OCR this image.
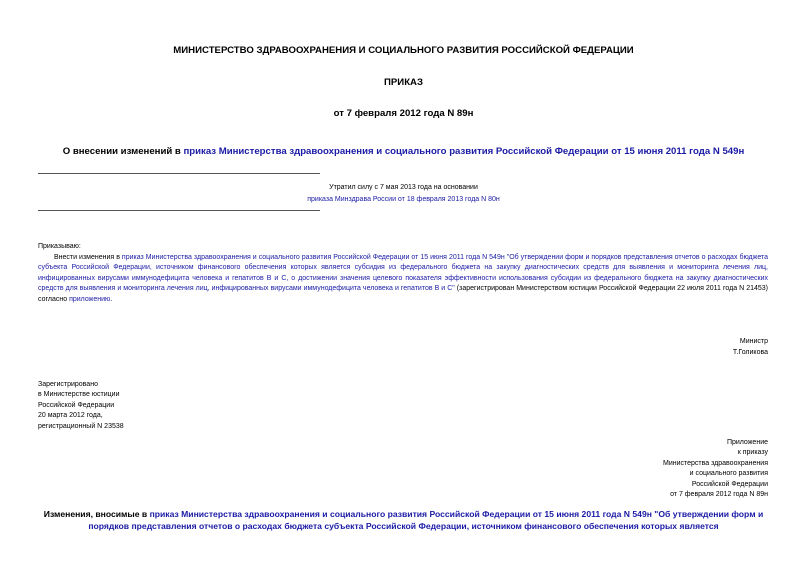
МИНИСТЕРСТВО ЗДРАВООХРАНЕНИЯ И СОЦИАЛЬНОГО РАЗВИТИЯ РОССИЙСКОЙ ФЕДЕРАЦИИ
ПРИКАЗ
от 7 февраля 2012 года N 89н
О внесении изменений в приказ Министерства здравоохранения и социального развития Российской Федерации от 15 июня 2011 года N 549н
Утратил силу с 7 мая 2013 года на основании
приказа Минздрава России от 18 февраля 2013 года N 80н
Приказываю:
Внести изменения в приказ Министерства здравоохранения и социального развития Российской Федерации от 15 июня 2011 года N 549н "Об утверждении форм и порядков представления отчетов о расходах бюджета субъекта Российской Федерации, источником финансового обеспечения которых является субсидия из федерального бюджета на закупку диагностических средств для выявления и мониторинга лечения лиц, инфицированных вирусами иммунодефицита человека и гепатитов B и C, о достижении значения целевого показателя эффективности использования субсидии из федерального бюджета на закупку диагностических средств для выявления и мониторинга лечения лиц, инфицированных вирусами иммунодефицита человека и гепатитов B и C" (зарегистрирован Министерством юстиции Российской Федерации 22 июля 2011 года N 21453) согласно приложению.
Министр
Т.Голикова
Зарегистрировано
в Министерстве юстиции
Российской Федерации
20 марта 2012 года,
регистрационный N 23538
Приложение
к приказу
Министерства здравоохранения
и социального развития
Российской Федерации
от 7 февраля 2012 года N 89н
Изменения, вносимые в приказ Министерства здравоохранения и социального развития Российской Федерации от 15 июня 2011 года N 549н "Об утверждении форм и порядков представления отчетов о расходах бюджета субъекта Российской Федерации, источником финансового обеспечения которых является
